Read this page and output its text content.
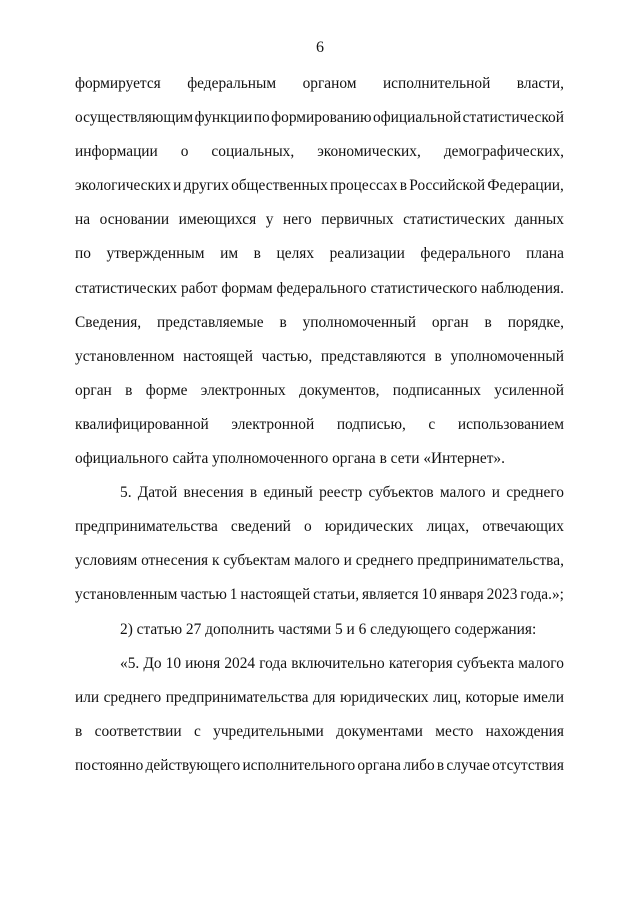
6
формируется федеральным органом исполнительной власти,
осуществляющим функции по формированию официальной статистической
информации о социальных, экономических, демографических,
экологических и других общественных процессах в Российской Федерации,
на основании имеющихся у него первичных статистических данных
по утвержденным им в целях реализации федерального плана
статистических работ формам федерального статистического наблюдения.
Сведения, представляемые в уполномоченный орган в порядке,
установленном настоящей частью, представляются в уполномоченный
орган в форме электронных документов, подписанных усиленной
квалифицированной электронной подписью, с использованием
официального сайта уполномоченного органа в сети «Интернет».
5. Датой внесения в единый реестр субъектов малого и среднего
предпринимательства сведений о юридических лицах, отвечающих
условиям отнесения к субъектам малого и среднего предпринимательства,
установленным частью 1 настоящей статьи, является 10 января 2023 года.»;
2) статью 27 дополнить частями 5 и 6 следующего содержания:
«5. До 10 июня 2024 года включительно категория субъекта малого
или среднего предпринимательства для юридических лиц, которые имели
в соответствии с учредительными документами место нахождения
постоянно действующего исполнительного органа либо в случае отсутствия
